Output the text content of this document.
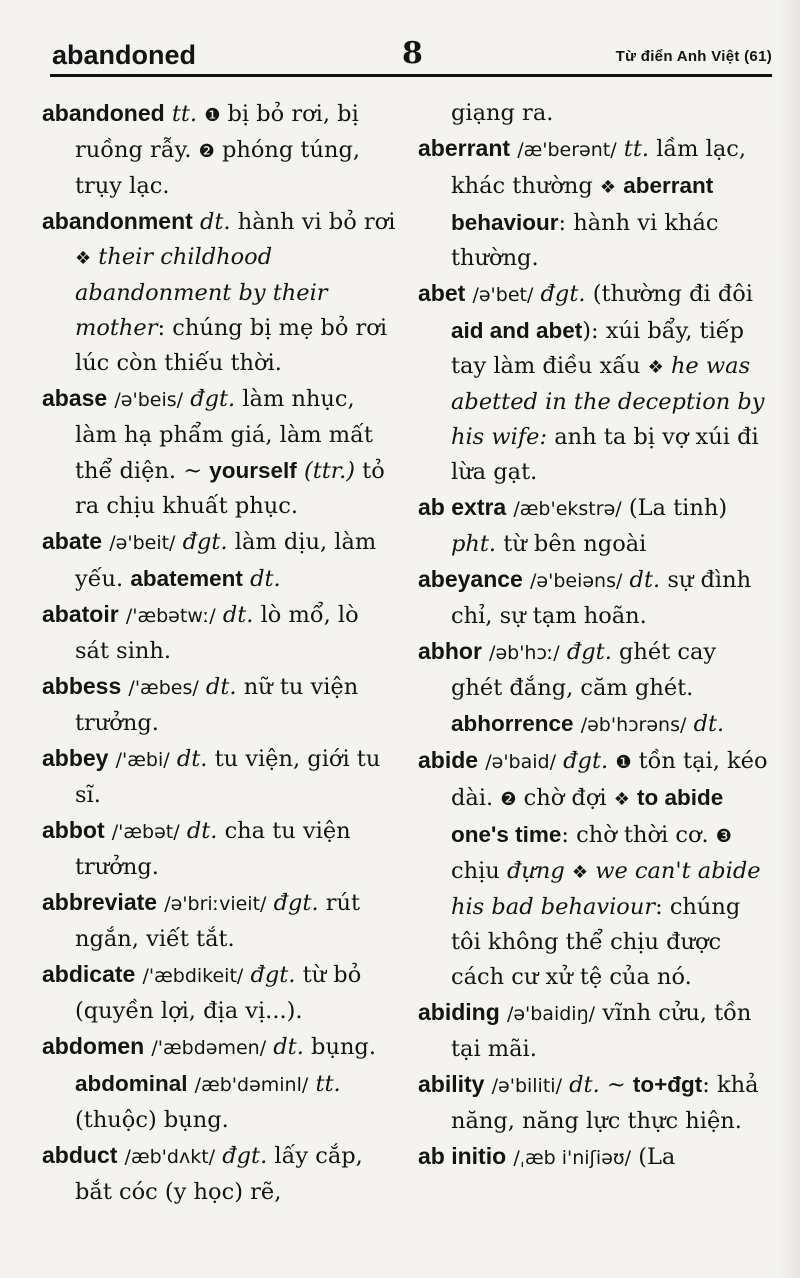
abandoned	8	Từ điển Anh Việt (61)
abandoned tt. ❶ bị bỏ rơi, bị ruồng rẫy. ❷ phóng túng, trụy lạc.
abandonment dt. hành vi bỏ rơi ❖ their childhood abandonment by their mother: chúng bị mẹ bỏ rơi lúc còn thiếu thời.
abase /ə'beis/ đgt. làm nhục, làm hạ phẩm giá, làm mất thể diện. ~ yourself (ttr.) tỏ ra chịu khuất phục.
abate /ə'beit/ đgt. làm dịu, làm yếu. abatement dt.
abatoir /'æbətwː/ dt. lò mổ, lò sát sinh.
abbess /'æbes/ dt. nữ tu viện trưởng.
abbey /'æbi/ dt. tu viện, giới tu sĩ.
abbot /'æbət/ dt. cha tu viện trưởng.
abbreviate /ə'briːvieit/ đgt. rút ngắn, viết tắt.
abdicate /'æbdikeit/ đgt. từ bỏ (quyền lợi, địa vị...).
abdomen /'æbdəmen/ dt. bụng. abdominal /æb'dəminl/ tt. (thuộc) bụng.
abduct /æb'dʌkt/ đgt. lấy cắp, bắt cóc (y học) rẽ,
giạng ra.
aberrant /æ'berənt/ tt. lầm lạc, khác thường ❖ aberrant behaviour: hành vi khác thường.
abet /ə'bet/ đgt. (thường đi đôi aid and abet): xúi bẩy, tiếp tay làm điều xấu ❖ he was abetted in the deception by his wife: anh ta bị vợ xúi đi lừa gạt.
ab extra /æb'ekstrə/ (La tinh) pht. từ bên ngoài
abeyance /ə'beiəns/ dt. sự đình chỉ, sự tạm hoãn.
abhor /əb'hɔː/ đgt. ghét cay ghét đắng, căm ghét. abhorrence /əb'hɔrəns/ dt.
abide /ə'baid/ đgt. ❶ tồn tại, kéo dài. ❷ chờ đợi ❖ to abide one's time: chờ thời cơ. ❸ chịu đựng ❖ we can't abide his bad behaviour: chúng tôi không thể chịu được cách cư xử tệ của nó.
abiding /ə'baidiŋ/ vĩnh cửu, tồn tại mãi.
ability /ə'biliti/ dt. ~ to+đgt: khả năng, năng lực thực hiện.
ab initio /ˌæb i'niʃiəʊ/ (La
